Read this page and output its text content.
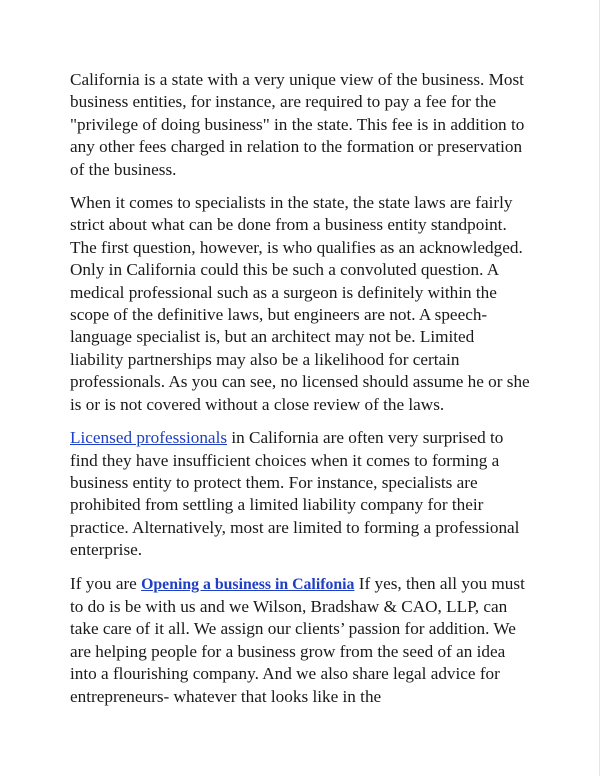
California is a state with a very unique view of the business. Most business entities, for instance, are required to pay a fee for the "privilege of doing business" in the state. This fee is in addition to any other fees charged in relation to the formation or preservation of the business.

When it comes to specialists in the state, the state laws are fairly strict about what can be done from a business entity standpoint. The first question, however, is who qualifies as an acknowledged. Only in California could this be such a convoluted question. A medical professional such as a surgeon is definitely within the scope of the definitive laws, but engineers are not. A speech-language specialist is, but an architect may not be. Limited liability partnerships may also be a likelihood for certain professionals. As you can see, no licensed should assume he or she is or is not covered without a close review of the laws.

Licensed professionals in California are often very surprised to find they have insufficient choices when it comes to forming a business entity to protect them. For instance, specialists are prohibited from settling a limited liability company for their practice. Alternatively, most are limited to forming a professional enterprise.

If you are Opening a business in Califonia If yes, then all you must to do is be with us and we Wilson, Bradshaw & CAO, LLP, can take care of it all. We assign our clients’ passion for addition. We are helping people for a business grow from the seed of an idea into a flourishing company. And we also share legal advice for entrepreneurs- whatever that looks like in the
